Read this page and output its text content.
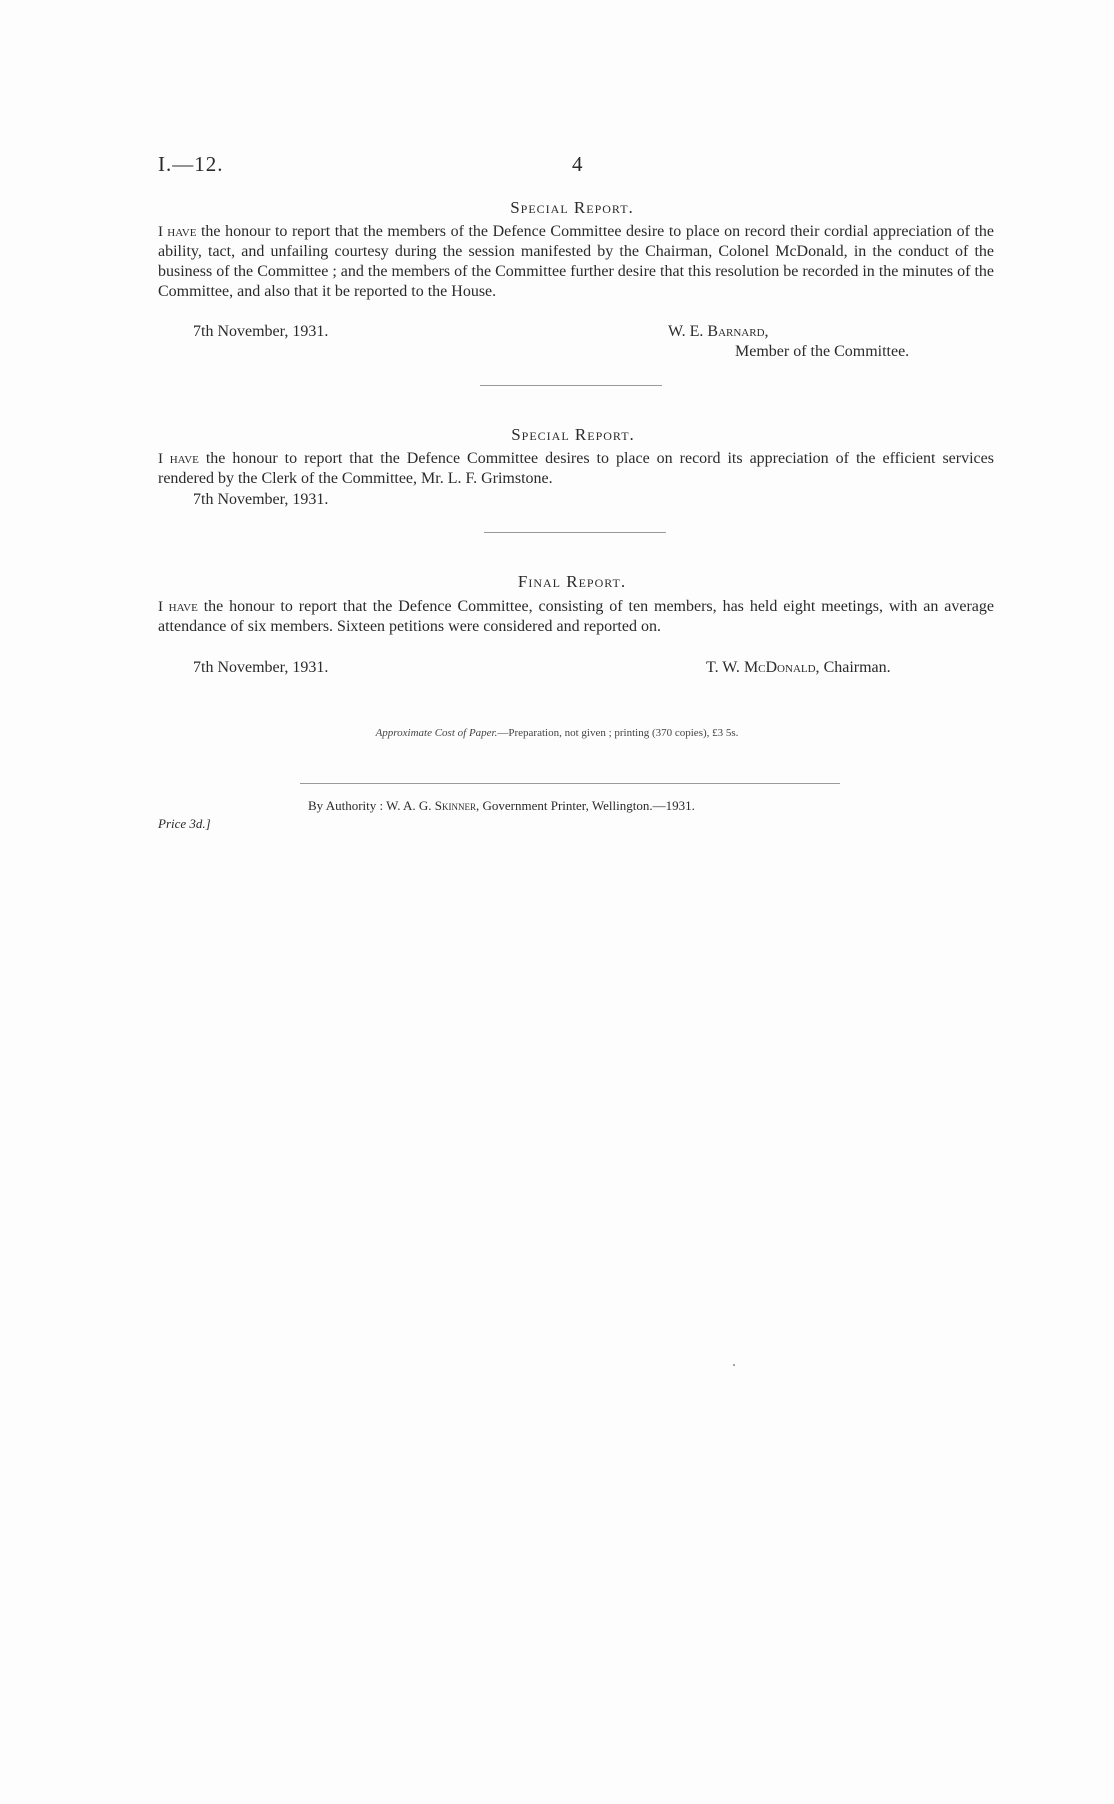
I.—12.	4
Special Report.
I have the honour to report that the members of the Defence Committee desire to place on record their cordial appreciation of the ability, tact, and unfailing courtesy during the session manifested by the Chairman, Colonel McDonald, in the conduct of the business of the Committee ; and the members of the Committee further desire that this resolution be recorded in the minutes of the Committee, and also that it be reported to the House.
7th November, 1931.	W. E. Barnard,
Member of the Committee.
Special Report.
I have the honour to report that the Defence Committee desires to place on record its appreciation of the efficient services rendered by the Clerk of the Committee, Mr. L. F. Grimstone.
7th November, 1931.
Final Report.
I have the honour to report that the Defence Committee, consisting of ten members, has held eight meetings, with an average attendance of six members. Sixteen petitions were considered and reported on.
7th November, 1931.	T. W. McDonald, Chairman.
Approximate Cost of Paper.—Preparation, not given ; printing (370 copies), £3 5s.
By Authority : W. A. G. Skinner, Government Printer, Wellington.—1931.
Price 3d.]
